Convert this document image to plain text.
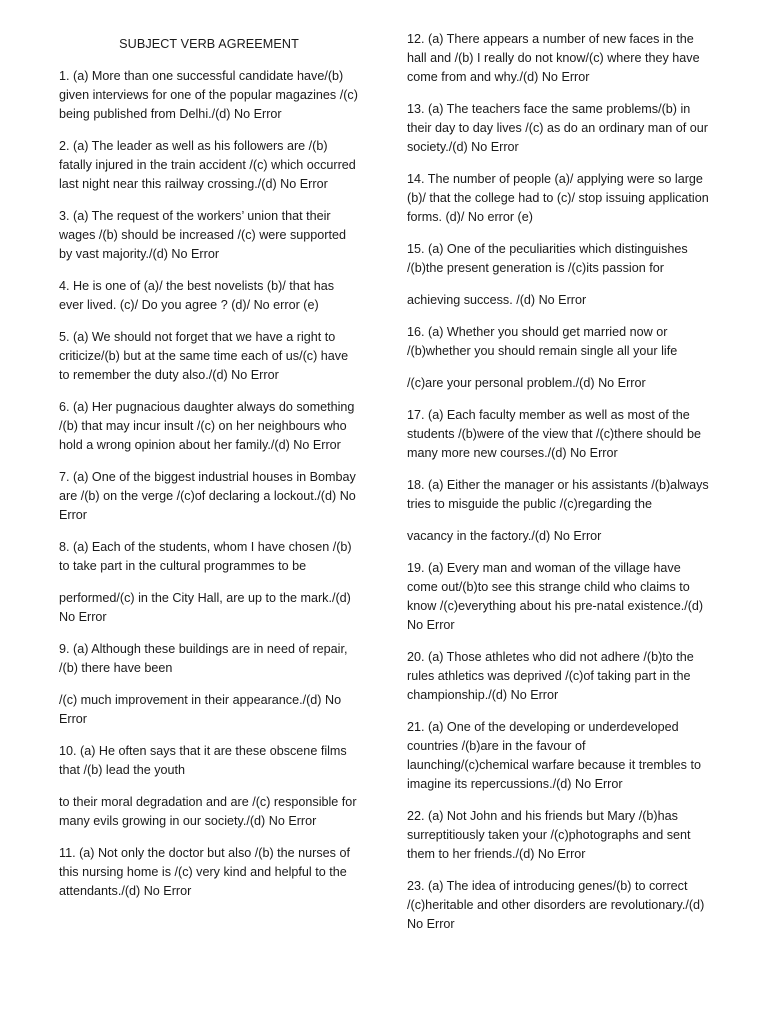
SUBJECT VERB AGREEMENT

1. (a) More than one successful candidate have/(b) given interviews for one of the popular magazines /(c) being published from Delhi./(d) No Error

2. (a) The leader as well as his followers are /(b) fatally injured in the train accident /(c) which occurred last night near this railway crossing./(d) No Error

3. (a) The request of the workers’ union that their wages /(b) should be increased /(c) were supported by vast majority./(d) No Error

4. He is one of (a)/ the best novelists (b)/ that has ever lived. (c)/ Do you agree ? (d)/ No error (e)

5. (a) We should not forget that we have a right to criticize/(b) but at the same time each of us/(c) have to remember the duty also./(d) No Error

6. (a) Her pugnacious daughter always do something /(b) that may incur insult /(c) on her neighbours who hold a wrong opinion about her family./(d) No Error

7. (a) One of the biggest industrial houses in Bombay are /(b) on the verge /(c)of declaring a lockout./(d) No Error

8. (a) Each of the students, whom I have chosen /(b) to take part in the cultural programmes to be

performed/(c) in the City Hall, are up to the mark./(d) No Error

9. (a) Although these buildings are in need of repair, /(b) there have been

/(c) much improvement in their appearance./(d) No Error

10. (a) He often says that it are these obscene films that /(b) lead the youth

to their moral degradation and are /(c) responsible for many evils growing in our society./(d) No Error

11. (a) Not only the doctor but also /(b) the nurses of this nursing home is /(c) very kind and helpful to the attendants./(d) No Error

12. (a) There appears a number of new faces in the hall and /(b) I really do not know/(c) where they have come from and why./(d) No Error

13. (a) The teachers face the same problems/(b) in their day to day lives /(c) as do an ordinary man of our society./(d) No Error

14. The number of people (a)/ applying were so large (b)/ that the college had to (c)/ stop issuing application forms. (d)/ No error (e)

15. (a) One of the peculiarities which distinguishes /(b)the present generation is /(c)its passion for

achieving success. /(d) No Error

16. (a) Whether you should get married now or /(b)whether you should remain single all your life

/(c)are your personal problem./(d) No Error

17. (a) Each faculty member as well as most of the students /(b)were of the view that /(c)there should be many more new courses./(d) No Error

18. (a) Either the manager or his assistants /(b)always tries to misguide the public /(c)regarding the

vacancy in the factory./(d) No Error

19. (a) Every man and woman of the village have come out/(b)to see this strange child who claims to know /(c)everything about his pre-natal existence./(d) No Error

20. (a) Those athletes who did not adhere /(b)to the rules athletics was deprived /(c)of taking part in the championship./(d) No Error

21. (a) One of the developing or underdeveloped countries /(b)are in the favour of launching/(c)chemical warfare because it trembles to imagine its repercussions./(d) No Error

22. (a) Not John and his friends but Mary /(b)has surreptitiously taken your /(c)photographs and sent them to her friends./(d) No Error

23. (a) The idea of introducing genes/(b) to correct /(c)heritable and other disorders are revolutionary./(d) No Error
